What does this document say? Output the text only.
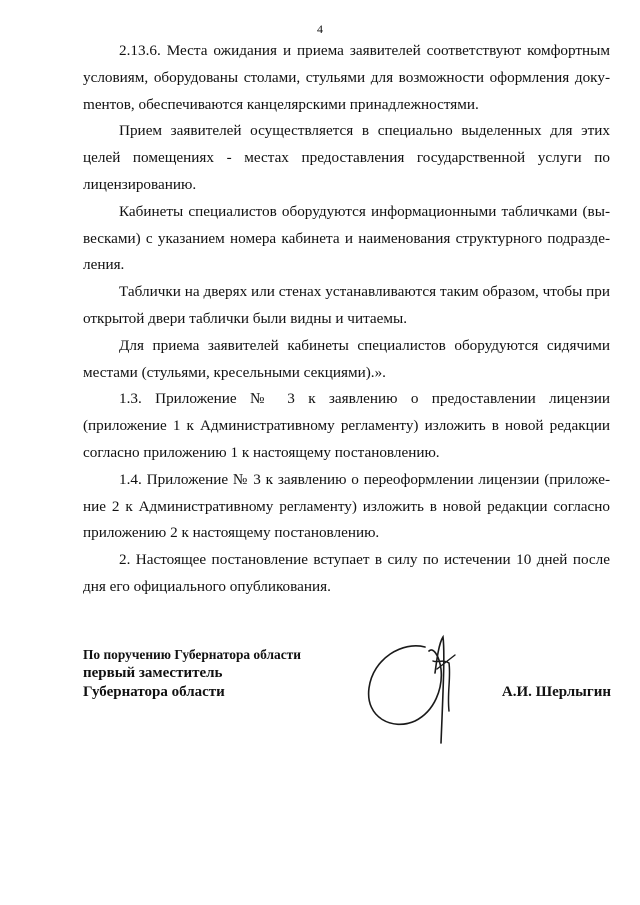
4

2.13.6. Места ожидания и приема заявителей соответствуют комфортным условиям, оборудованы столами, стульями для возможности оформления докуmентов, обеспечиваются канцелярскими принадлежностями.

Прием заявителей осуществляется в специально выделенных для этих целей помещениях - местах предоставления государственной услуги по лицензированию.

Кабинеты специалистов оборудуются информационными табличками (вывесками) с указанием номера кабинета и наименования структурного подразделения.

Таблички на дверях или стенах устанавливаются таким образом, чтобы при открытой двери таблички были видны и читаемы.

Для приема заявителей кабинеты специалистов оборудуются сидячими местами (стульями, кресельными секциями).».

1.3. Приложение № 3 к заявлению о предоставлении лицензии (приложение 1 к Административному регламенту) изложить в новой редакции согласно приложению 1 к настоящему постановлению.

1.4. Приложение № 3 к заявлению о переоформлении лицензии (приложение 2 к Административному регламенту) изложить в новой редакции согласно приложению 2 к настоящему постановлению.

2. Настоящее постановление вступает в силу по истечении 10 дней после дня его официального опубликования.

По поручению Губернатора области
первый заместитель
Губернатора области	А.И. Шерлыгин
